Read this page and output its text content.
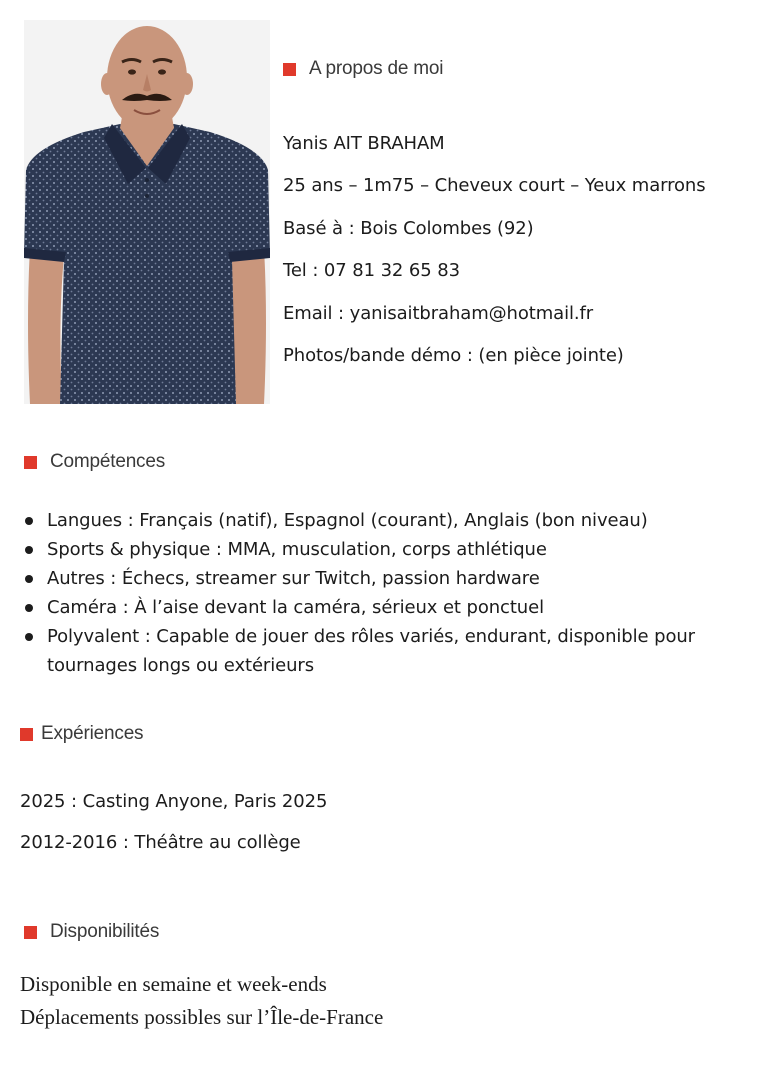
A propos de moi
Yanis AIT BRAHAM
25 ans – 1m75 – Cheveux court – Yeux marrons
Basé à : Bois Colombes (92)
Tel : 07 81 32 65 83
Email : yanisaitbraham@hotmail.fr
Photos/bande démo : (en pièce jointe)
Compétences
Langues : Français (natif), Espagnol (courant), Anglais (bon niveau)
Sports & physique : MMA, musculation, corps athlétique
Autres : Échecs, streamer sur Twitch, passion hardware
Caméra : À l’aise devant la caméra, sérieux et ponctuel
Polyvalent : Capable de jouer des rôles variés, endurant, disponible pour tournages longs ou extérieurs
Expériences
2025 : Casting Anyone, Paris 2025
2012-2016 : Théâtre au collège
Disponibilités
Disponible en semaine et week-ends
Déplacements possibles sur l’Île-de-France
